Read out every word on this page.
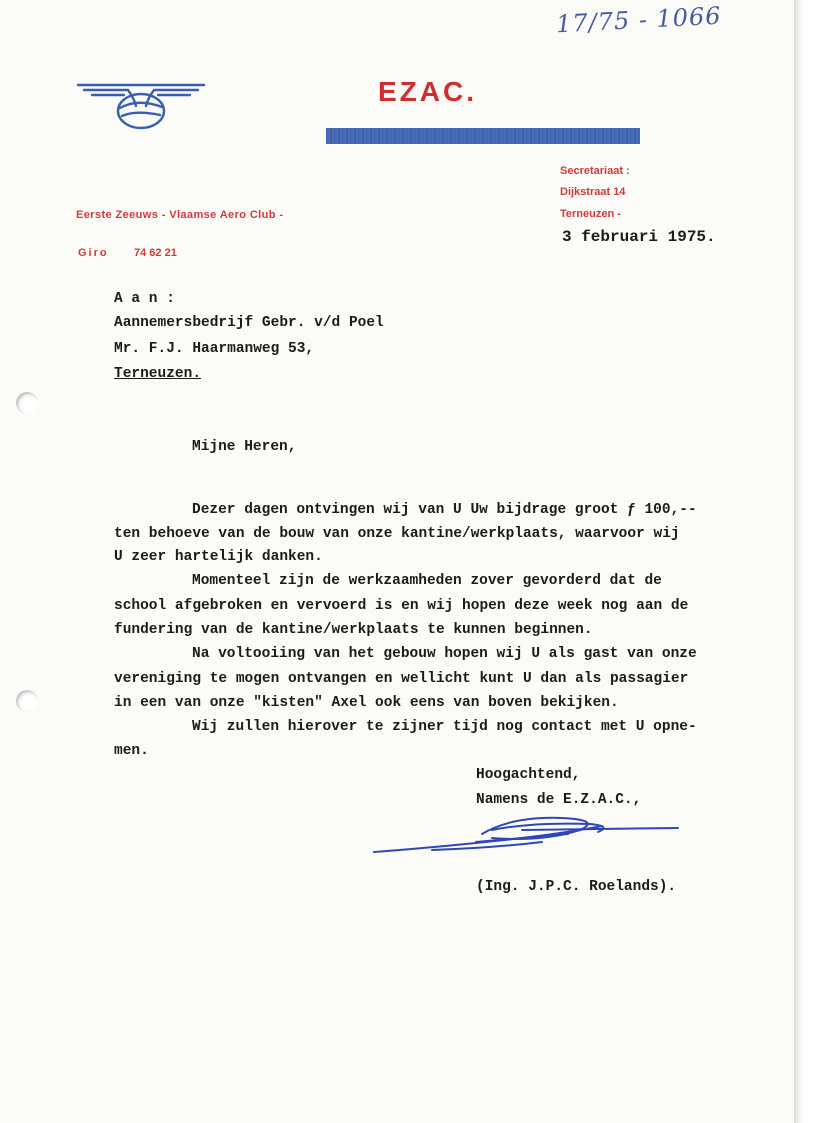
17/75 - 1066
EZAC.
Eerste Zeeuws - Vlaamse Aero Club -
Giro 74 62 21
Secretariaat :
Dijkstraat 14
Terneuzen -
3 februari 1975.
A a n :
Aannemersbedrijf Gebr. v/d Poel
Mr. F.J. Haarmanweg 53,
Terneuzen.
Mijne Heren,
Dezer dagen ontvingen wij van U Uw bijdrage groot ƒ 100,--
ten behoeve van de bouw van onze kantine/werkplaats, waarvoor wij
U zeer hartelijk danken.
Momenteel zijn de werkzaamheden zover gevorderd dat de
school afgebroken en vervoerd is en wij hopen deze week nog aan de
fundering van de kantine/werkplaats te kunnen beginnen.
Na voltooiing van het gebouw hopen wij U als gast van onze
vereniging te mogen ontvangen en wellicht kunt U dan als passagier
in een van onze "kisten" Axel ook eens van boven bekijken.
Wij zullen hierover te zijner tijd nog contact met U opne-
men.
Hoogachtend,
Namens de E.Z.A.C.,
(Ing. J.P.C. Roelands).
